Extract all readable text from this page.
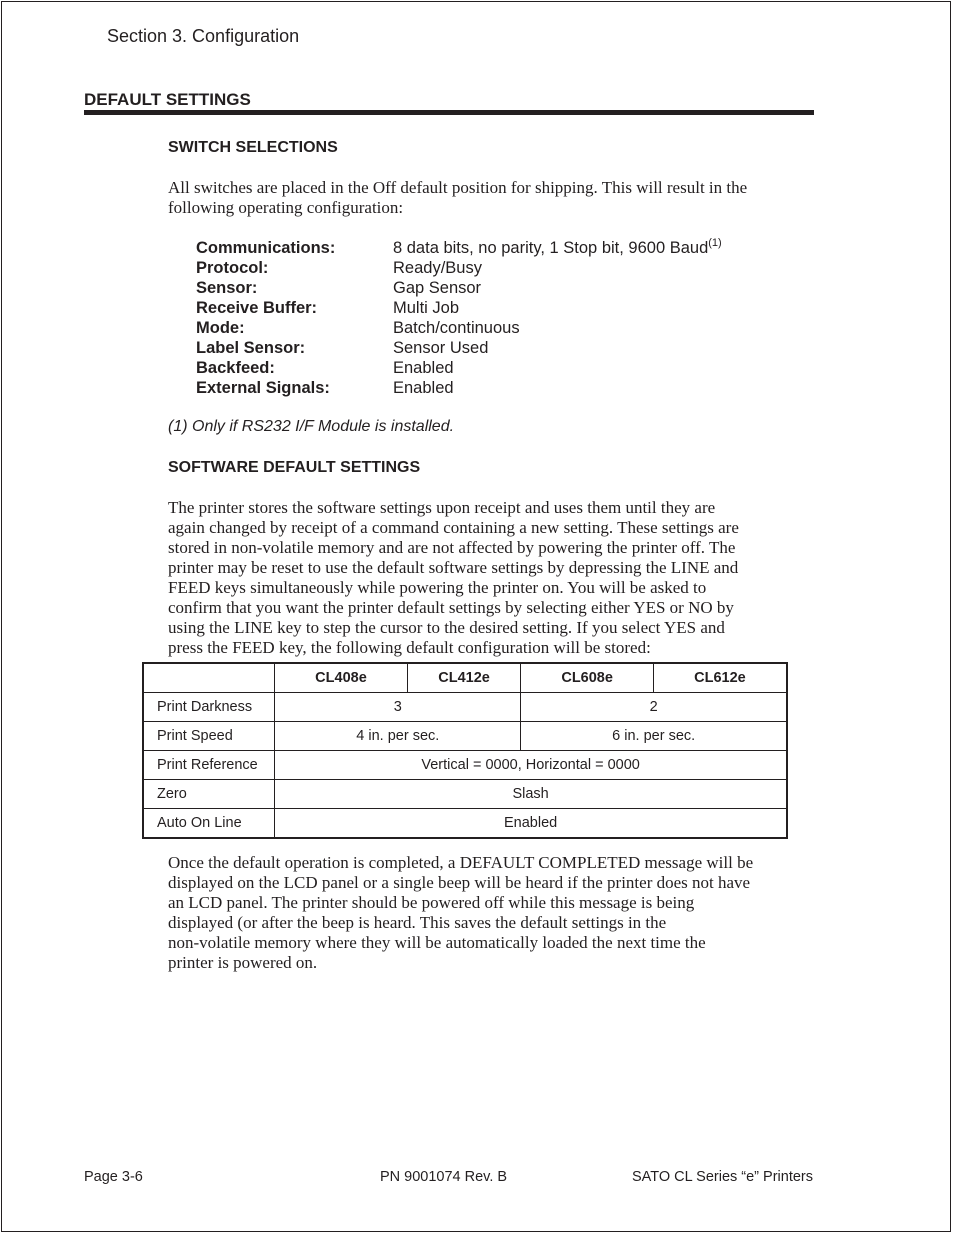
Section 3. Configuration
DEFAULT SETTINGS
SWITCH SELECTIONS
All switches are placed in the Off default position for shipping. This will result in the
following operating configuration:
Communications:	8 data bits, no parity, 1 Stop bit, 9600 Baud$^{(1)}$
Protocol:	Ready/Busy
Sensor:	Gap Sensor
Receive Buffer:	Multi Job
Mode:	Batch/continuous
Label Sensor:	Sensor Used
Backfeed:	Enabled
External Signals:	Enabled
(1) Only if RS232 I/F Module is installed.
SOFTWARE DEFAULT SETTINGS
The printer stores the software settings upon receipt and uses them until they are
again changed by receipt of a command containing a new setting. These settings are
stored in non-volatile memory and are not affected by powering the printer off. The
printer may be reset to use the default software settings by depressing the LINE and
FEED keys simultaneously while powering the printer on. You will be asked to
confirm that you want the printer default settings by selecting either YES or NO by
using the LINE key to step the cursor to the desired setting. If you select YES and
press the FEED key, the following default configuration will be stored:
	CL408e	CL412e	CL608e	CL612e
Print Darkness	3		2	
Print Speed	4 in. per sec.		6 in. per sec.	
Print Reference	Vertical = 0000, Horizontal = 0000			
Zero	Slash			
Auto On Line	Enabled			
Once the default operation is completed, a DEFAULT COMPLETED message will be
displayed on the LCD panel or a single beep will be heard if the printer does not have
an LCD panel. The printer should be powered off while this message is being
displayed (or after the beep is heard. This saves the default settings in the
non-volatile memory where they will be automatically loaded the next time the
printer is powered on.
Page 3-6	PN 9001074 Rev. B	SATO CL Series “e” Printers
